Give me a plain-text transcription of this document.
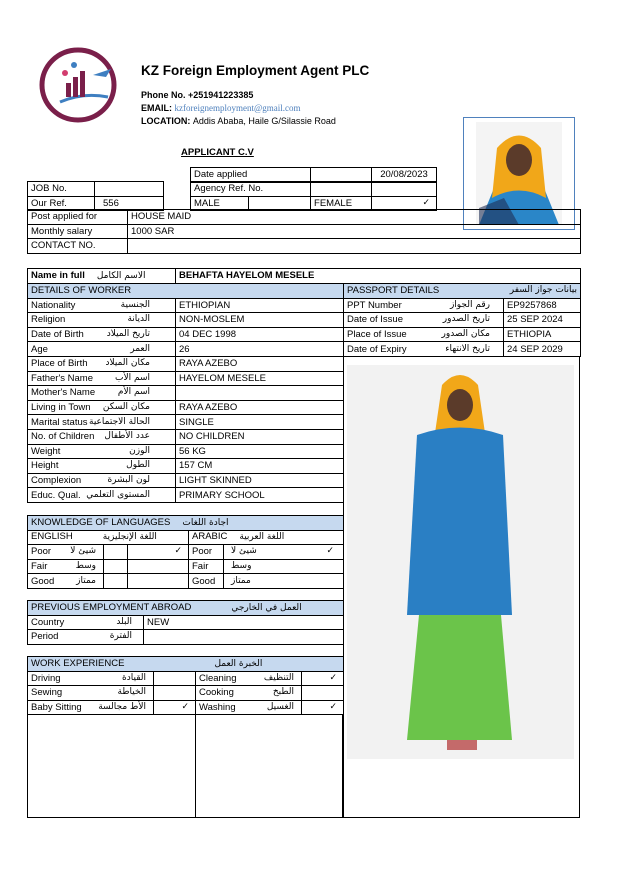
KZ Foreign Employment Agent PLC
Phone No. +251941223385
EMAIL: kzforeignemployment@gmail.com
LOCATION: Addis Ababa, Haile G/Silassie Road
APPLICANT C.V
Date applied		20/08/2023
JOB No.	
Our Ref.	556
Agency Ref. No.			
MALE		FEMALE	✓
Post applied for	HOUSE MAID
Monthly salary	1000 SAR
CONTACT NO.	
Name in full الاسم الكامل	BEHAFTA HAYELOM MESELE
DETAILS OF WORKER	

Nationality الجنسية	ETHIOPIAN

Religion الديانة	NON-MOSLEM

Date of Birth تاريخ الميلاد	04 DEC 1998

Age العمر	26

Place of Birth مكان الميلاد	RAYA AZEBO

Father's Name اسم الأب	HAYELOM MESELE

Mother's Name اسم الأم	

Living in Town مكان السكن	RAYA AZEBO

Marital status الحالة الاجتماعية	SINGLE

No. of Children عدد الأطفال	NO CHILDREN

Weight الوزن	56 KG

Height الطول	157 CM

Complexion لون البشرة	LIGHT SKINNED

Educ. Qual. المستوى التعلمي	PRIMARY SCHOOL
PASSPORT DETAILS بيانات جواز السفر	

PPT Number رقم الجواز	EP9257868

Date of Issue تاريخ الصدور	25 SEP 2024

Place of Issue مكان الصدور	ETHIOPIA

Date of Expiry تاريخ الانتهاء	24 SEP 2029
KNOWLEDGE OF LANGUAGES اجادة اللغات				
ENGLISH اللغة الإنجليزية			ARABIC اللغة العربية	

Poor شيئ لا		✓	Poor	شيئ لا ✓

Fair وسط			Fair	وسط

Good ممتاز			Good	ممتاز
PREVIOUS EMPLOYMENT ABROAD العمل في الخارجي	

Country البلد	NEW

Period الفترة	

WORK EXPERIENCE الخبرة العمل			

Driving القيادة		Cleaning التنظيف	✓

Sewing الخياطة		Cooking الطبخ	

Baby Sitting الأط مجالسة	✓	Washing الغسيل	✓
